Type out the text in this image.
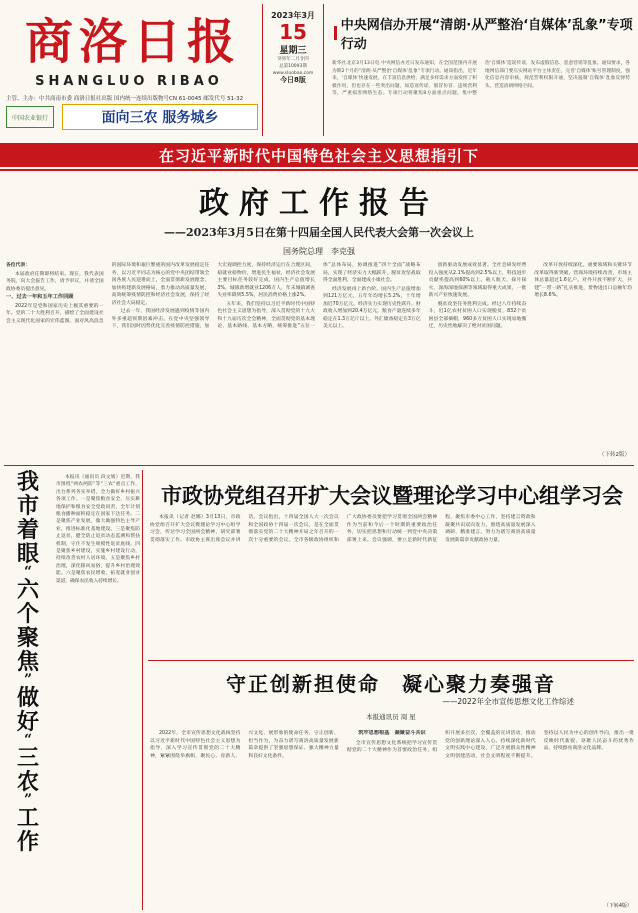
商 洛 日 报
SHANGLUO RIBAO
主管、主办：中共商南市委 商洛日报社出版 国内统一连续出版物号CN 61-0045 邮发代号 51-32
中国农业银行	面向三农 服务城乡
2023年3月
15
星期三
癸卯年二月廿四
总第10093期
www.sluobao.com
今日8版
中央网信办开展“清朗·从严整治‘自媒体’乱象”专项行动
新华社北京3月13日电 中央网信办近日发布通知，在全国范围内开展为期2个月的“清朗·从严整治‘自媒体’乱象”专项行动。通知指出，近年来，‘自媒体’快速发展，在丰富信息供给、满足多样需求方面发挥了积极作用，但也存在一些突出问题，如造谣传谣、假冒仿冒、违规营利等，严重损害网络生态。专项行动将聚焦8方面重点问题，集中整治‘自媒体’造谣传谣、发布虚假信息、恶意营销等乱象。通知要求，各地网信部门要压实网站平台主体责任，完善‘自媒体’账号管理制度，强化信息内容审核，规范营利权限开通，坚决遏制‘自媒体’乱象反弹势头，营造清朗网络空间。
在习近平新时代中国特色社会主义思想指引下
政府工作报告
——2023年3月5日在第十四届全国人民代表大会第一次会议上
国务院总理　李克强

各位代表：

本届政府任期即将结束。现在，我代表国务院，向大会报告工作，请予审议，并请全国政协委员提出意见。

一、过去一年和五年工作回顾

2022年是党和国家历史上极其重要的一年。党的二十大胜利召开，描绘了全面建设社会主义现代化国家的宏伟蓝图。面对风高浪急的国际环境和艰巨繁重的国内改革发展稳定任务，以习近平同志为核心的党中央团结带领全国各族人民迎难而上，全面贯彻新发展理念，加快构建新发展格局，着力推动高质量发展，高效统筹疫情防控和经济社会发展，保持了经济社会大局稳定。

过去一年，我国经济发展遇到疫情等国内外多重超预期因素冲击。在党中央坚强领导下，我们因时因势优化完善疫情防控措施，加大宏观调控力度，保持经济运行在合理区间，稳就业稳物价，增进民生福祉，经济社会发展主要目标任务较好完成，国内生产总值增长3%，城镇新增就业1206万人，年末城镇调查失业率降到5.5%，居民消费价格上涨2%。

五年来，我们坚持以习近平新时代中国特色社会主义思想为指导，深入贯彻党的十九大和十九届历次全会精神，全面贯彻党的基本理论、基本路线、基本方略，统筹推进“五位一体”总体布局，协调推进“四个全面”战略布局，实现了经济实力大幅跃升，脱贫攻坚战取得全面胜利，全面建成小康社会。

经济发展再上新台阶。国内生产总值增加到121万亿元，五年年均增长5.2%，十年增加近70万亿元。经济实力实现历史性跃升。财政收入增加到20.4万亿元。粮食产量连续多年稳定在1.3万亿斤以上。外汇储备稳定在3万亿美元以上。

创新驱动发展成效显著。全社会研发经费投入强度从2.1%提高到2.5%以上，科技进步贡献率提高到60%以上。载人航天、探月探火、深海深地探测等领域取得重大成果，一批新兴产业快速发展。

脱贫攻坚任务胜利完成。经过八年持续奋斗，近1亿农村贫困人口实现脱贫，832个贫困县全部摘帽，960多万贫困人口实现易地搬迁，历史性地解决了绝对贫困问题。

改革开放持续深化。重要领域和关键环节改革取得新突破，营商环境持续改善，市场主体总量超过1.6亿户。对外开放不断扩大，共建“一带一路”扎实推进，货物进出口总额年均增长8.6%。

（下转2版）
我
市
着
眼
“
六
个
聚
焦
”
做
好
“
三
农
”
工
作

本报讯（通讯员 段文娟）近期，我市围绕“两农两防”等“三农”重点工作，出台系列务实举措，全力做好乡村振兴各项工作。一是聚焦粮食安全，压实耕地保护和粮食安全党政同责，全年计划粮食播种面积稳定在国家下达任务。二是聚焦产业发展，做大做强特色主导产业，推进标准化基地建设。三是聚焦防止返贫，健全防止返贫动态监测和帮扶机制，守住不发生规模性返贫底线。四是聚焦乡村建设，实施乡村建设行动，持续改善农村人居环境。五是聚焦乡村治理，深化移风易俗，提升乡村治理效能。六是聚焦农民增收，拓宽就业创业渠道，确保农民收入持续增长。

市政协党组召开扩大会议暨理论学习中心组学习会

本报讯（记者 赵娜）3月13日，市政协党组召开扩大会议暨理论学习中心组学习会，传达学习全国两会精神，研究部署贯彻落实工作。市政协主席出席会议并讲话。会议指出，十四届全国人大一次会议和全国政协十四届一次会议，是在全面贯彻落实党的二十大精神开局之年召开的一次十分重要的会议。全市各级政协组织和广大政协委员要把学习贯彻全国两会精神作为当前和今后一个时期的重要政治任务，切实把思想和行动统一到党中央决策部署上来。会议强调，要立足新时代新征程，聚焦市委中心工作，坚持建言资政和凝聚共识双向发力，围绕高质量发展深入调研、精准建言，努力为谱写商洛高质量发展新篇章贡献政协力量。

守正创新担使命　凝心聚力奏强音
——2022年全市宣传思想文化工作综述
本报通讯员 周 星

2022年，全市宣传思想文化战线坚持以习近平新时代中国特色社会主义思想为指导，深入学习宣传贯彻党的二十大精神，紧紧围绕举旗帜、聚民心、育新人、兴文化、展形象的使命任务，守正创新、担当作为，为奋力谱写商洛高质量发展新篇章提供了坚强思想保证、强大精神力量和良好文化条件。

筑牢思想根基　凝聚奋斗共识

全市宣传思想文化系统把学习宣传贯彻党的二十大精神作为首要政治任务，组织开展多层次、全覆盖的宣讲活动，推动党的创新理论深入人心。持续深化新时代文明实践中心建设，广泛开展群众性精神文明创建活动，社会文明程度不断提升。坚持以人民为中心的创作导向，推出一批反映时代新貌、讴歌人民奋斗的优秀作品，持续擦亮商洛文化品牌。

（下转4版）
